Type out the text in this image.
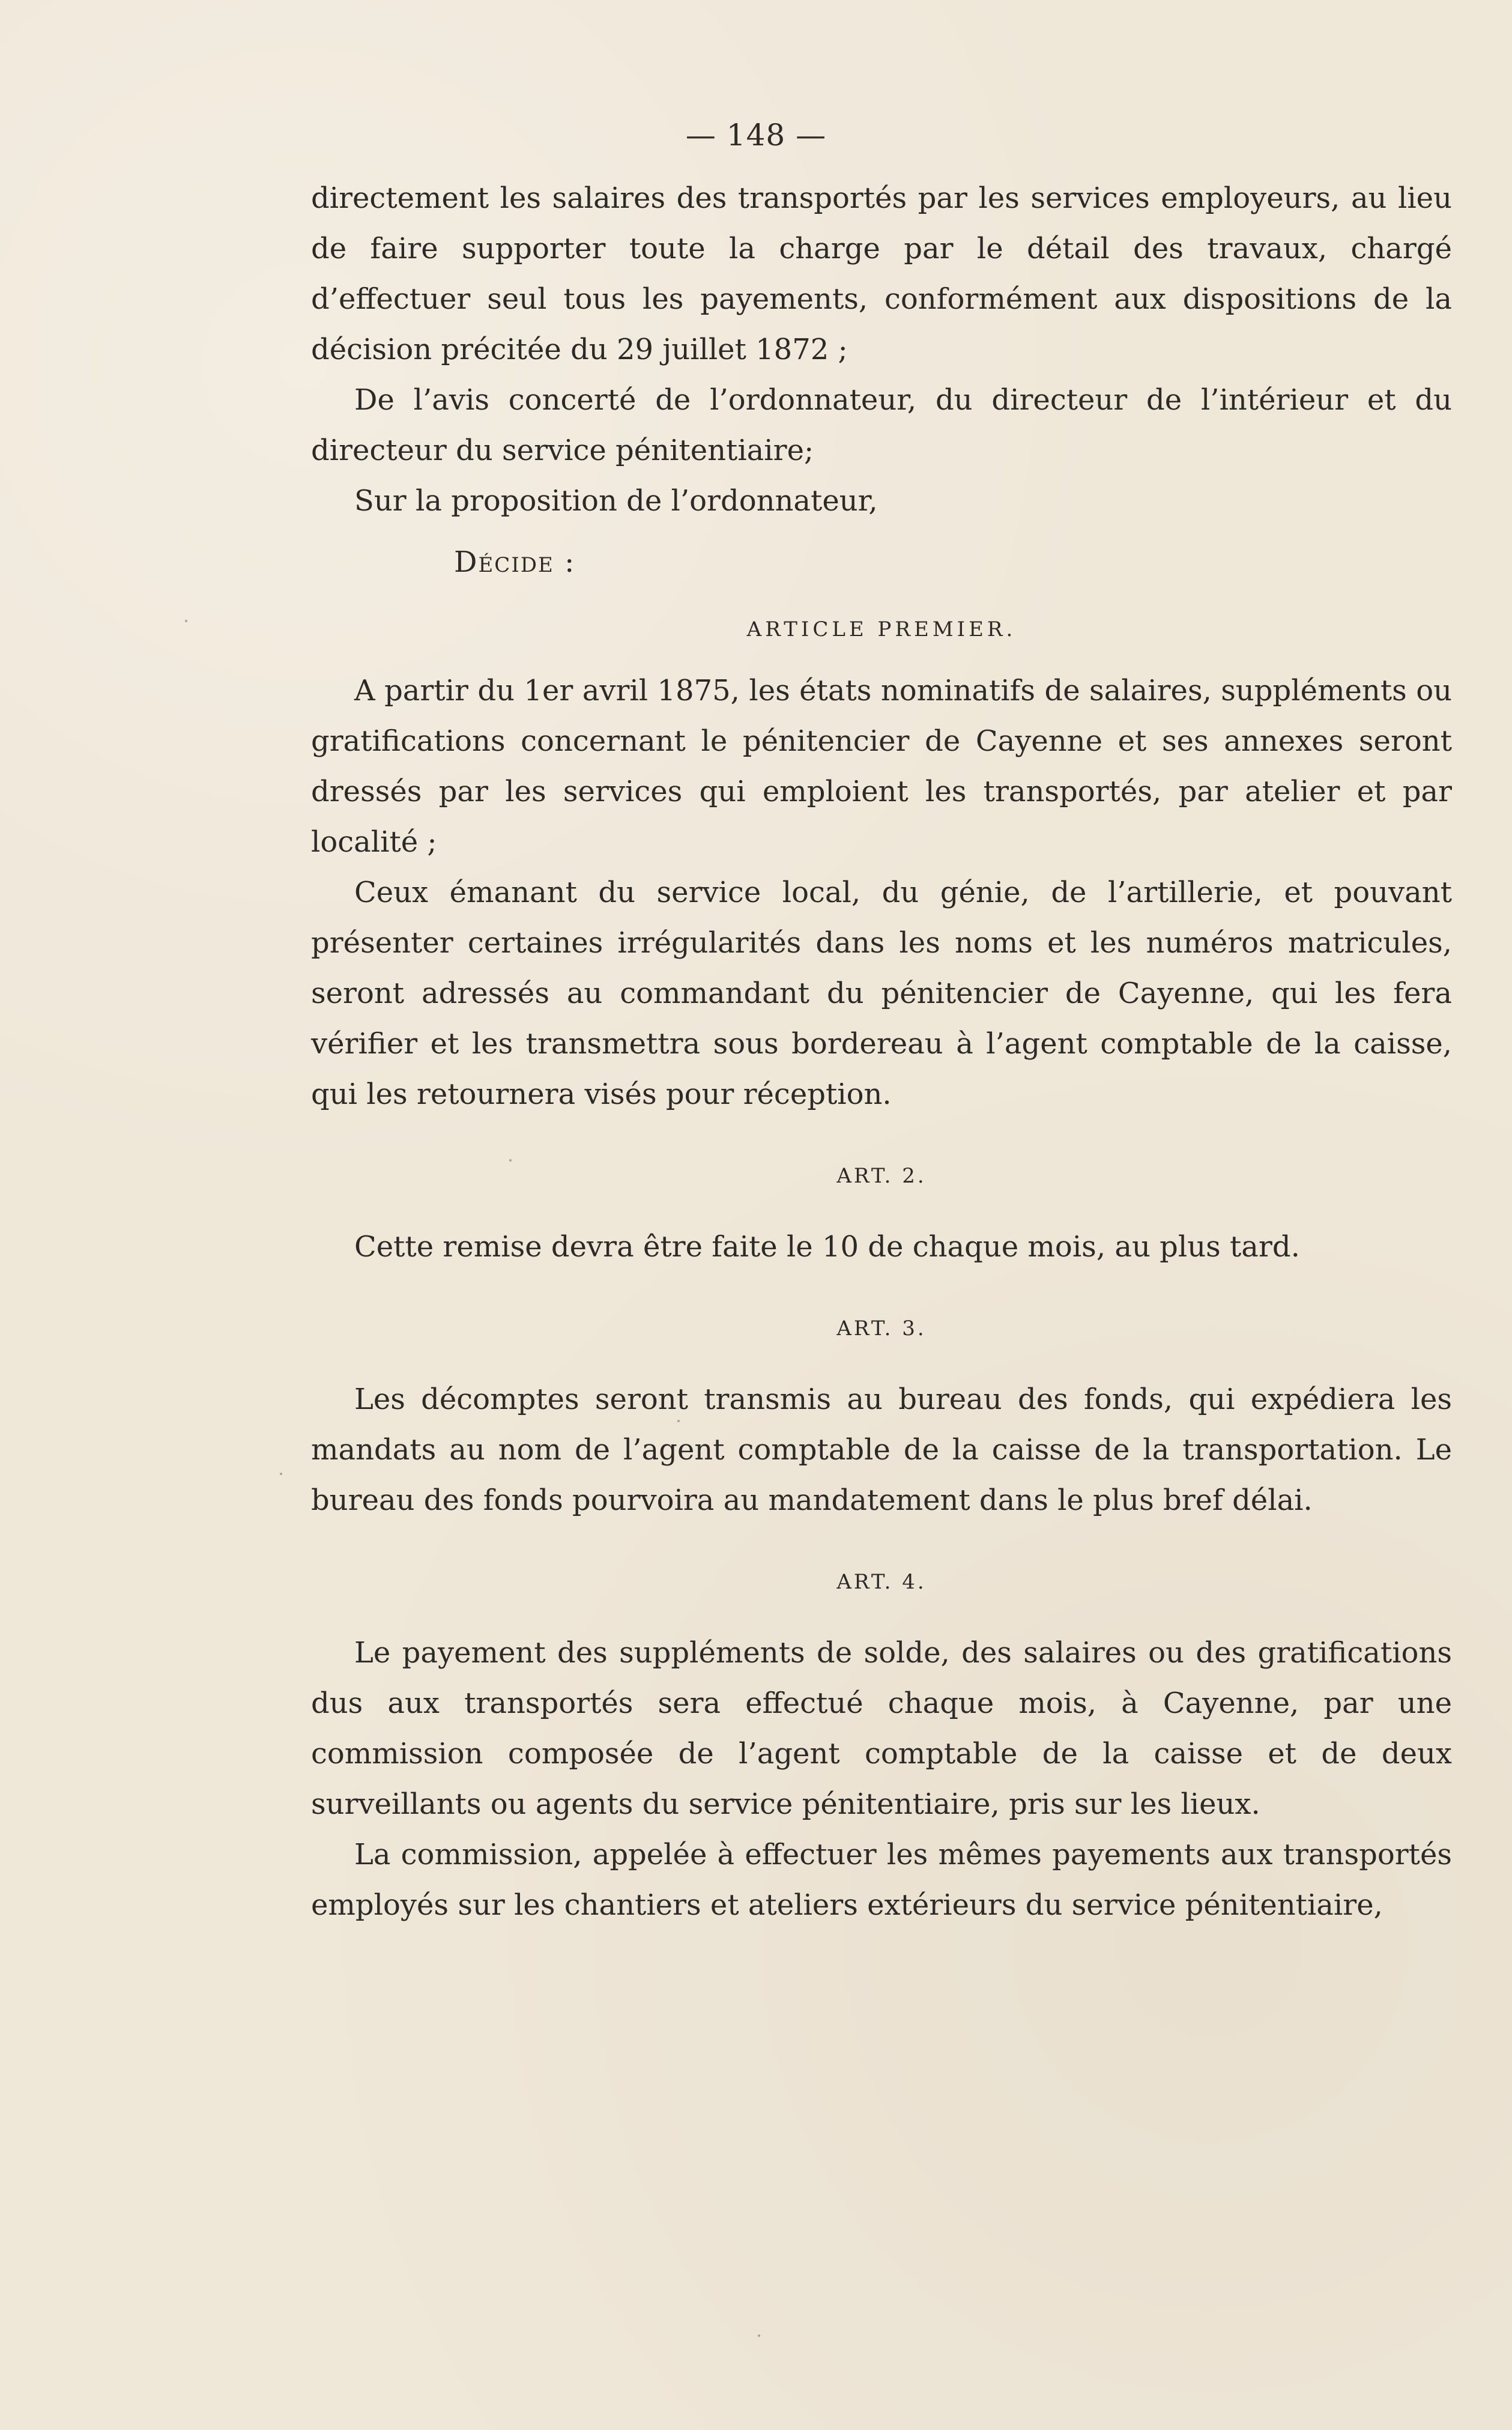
— 148 —

directement les salaires des transportés par les services employeurs, au lieu de faire supporter toute la charge par le détail des travaux, chargé d’effectuer seul tous les payements, conformément aux dispositions de la décision précitée du 29 juillet 1872 ;

De l’avis concerté de l’ordonnateur, du directeur de l’intérieur et du directeur du service pénitentiaire;

Sur la proposition de l’ordonnateur,

Décide :

ARTICLE PREMIER.

A partir du 1er avril 1875, les états nominatifs de salaires, suppléments ou gratifications concernant le pénitencier de Cayenne et ses annexes seront dressés par les services qui emploient les transportés, par atelier et par localité ;

Ceux émanant du service local, du génie, de l’artillerie, et pouvant présenter certaines irrégularités dans les noms et les numéros matricules, seront adressés au commandant du pénitencier de Cayenne, qui les fera vérifier et les transmettra sous bordereau à l’agent comptable de la caisse, qui les retournera visés pour réception.

ART. 2.

Cette remise devra être faite le 10 de chaque mois, au plus tard.

ART. 3.

Les décomptes seront transmis au bureau des fonds, qui expédiera les mandats au nom de l’agent comptable de la caisse de la transportation. Le bureau des fonds pourvoira au mandatement dans le plus bref délai.

ART. 4.

Le payement des suppléments de solde, des salaires ou des gratifications dus aux transportés sera effectué chaque mois, à Cayenne, par une commission composée de l’agent comptable de la caisse et de deux surveillants ou agents du service pénitentiaire, pris sur les lieux.

La commission, appelée à effectuer les mêmes payements aux transportés employés sur les chantiers et ateliers extérieurs du service pénitentiaire,
